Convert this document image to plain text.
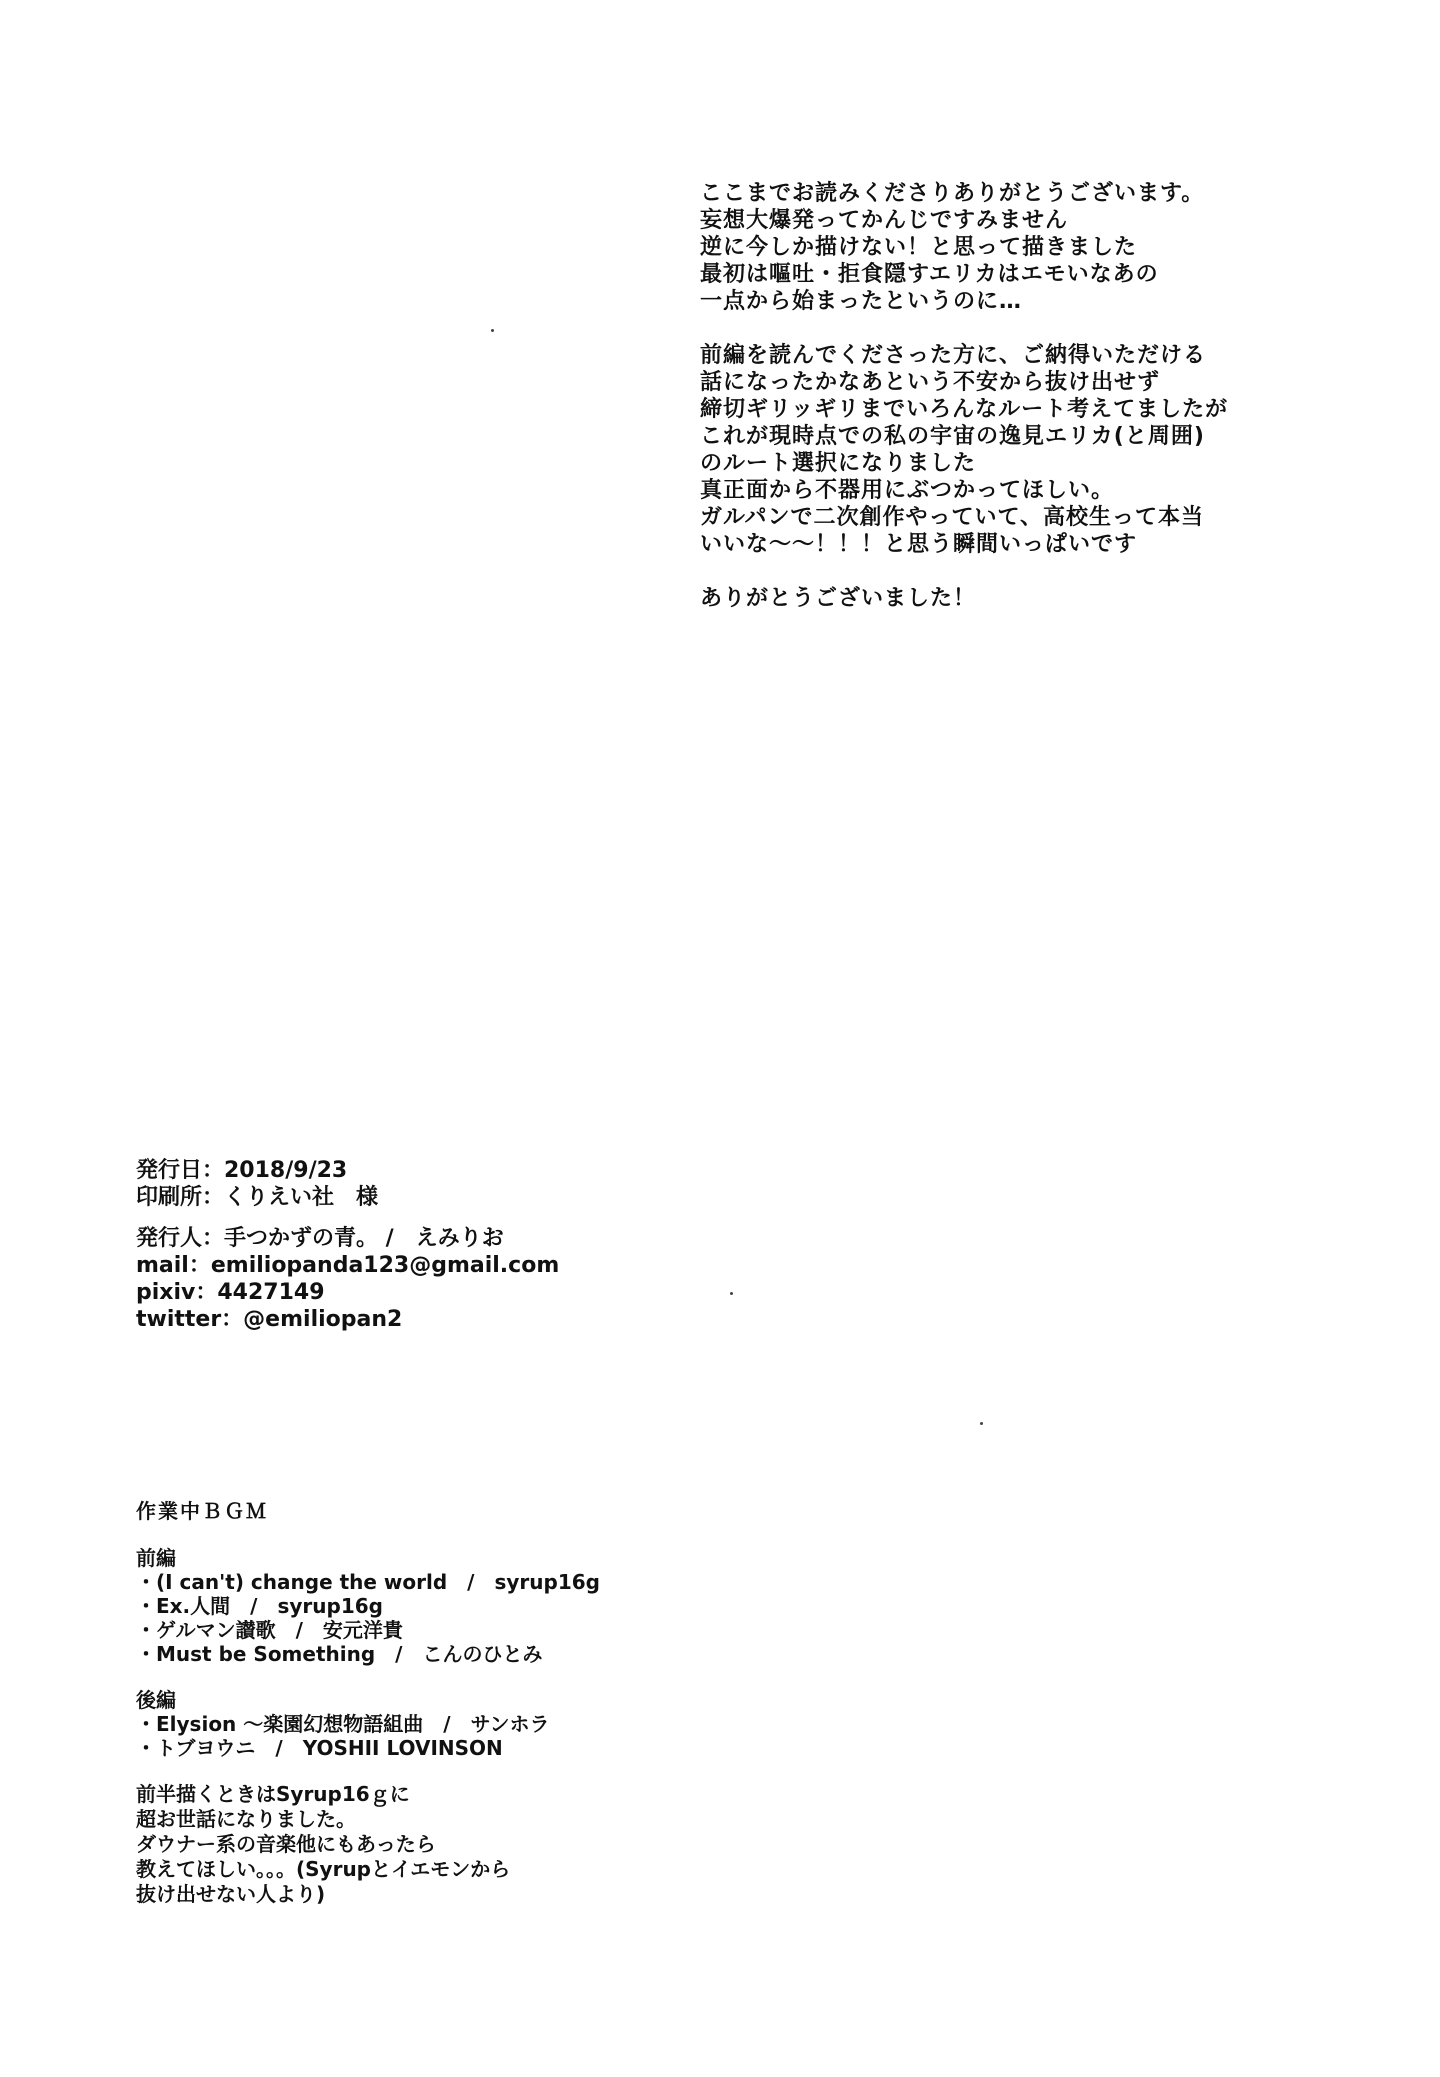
ここまでお読みくださりありがとうございます。
妄想大爆発ってかんじですみません
逆に今しか描けない！と思って描きました
最初は嘔吐・拒食隠すエリカはエモいなあの
一点から始まったというのに…
前編を読んでくださった方に、ご納得いただける
話になったかなあという不安から抜け出せず
締切ギリッギリまでいろんなルート考えてましたが
これが現時点での私の宇宙の逸見エリカ(と周囲)
のルート選択になりました
真正面から不器用にぶつかってほしい。
ガルパンで二次創作やっていて、高校生って本当
いいな〜〜！！！と思う瞬間いっぱいです
ありがとうございました！
発行日：2018/9/23
印刷所：くりえい社　様
発行人：手つかずの青。 /　えみりお
mail：emiliopanda123@gmail.com
pixiv：4427149
twitter：@emiliopan2
作業中ＢＧＭ
前編
・(I can't) change the world　/　syrup16g
・Ex.人間　/　syrup16g
・ゲルマン讃歌　/　安元洋貴
・Must be Something　/　こんのひとみ
後編
・Elysion 〜楽園幻想物語組曲　/　サンホラ
・トブヨウニ　/　YOSHII LOVINSON
前半描くときはSyrup16ｇに
超お世話になりました。
ダウナー系の音楽他にもあったら
教えてほしい。。。(Syrupとイエモンから
抜け出せない人より)
